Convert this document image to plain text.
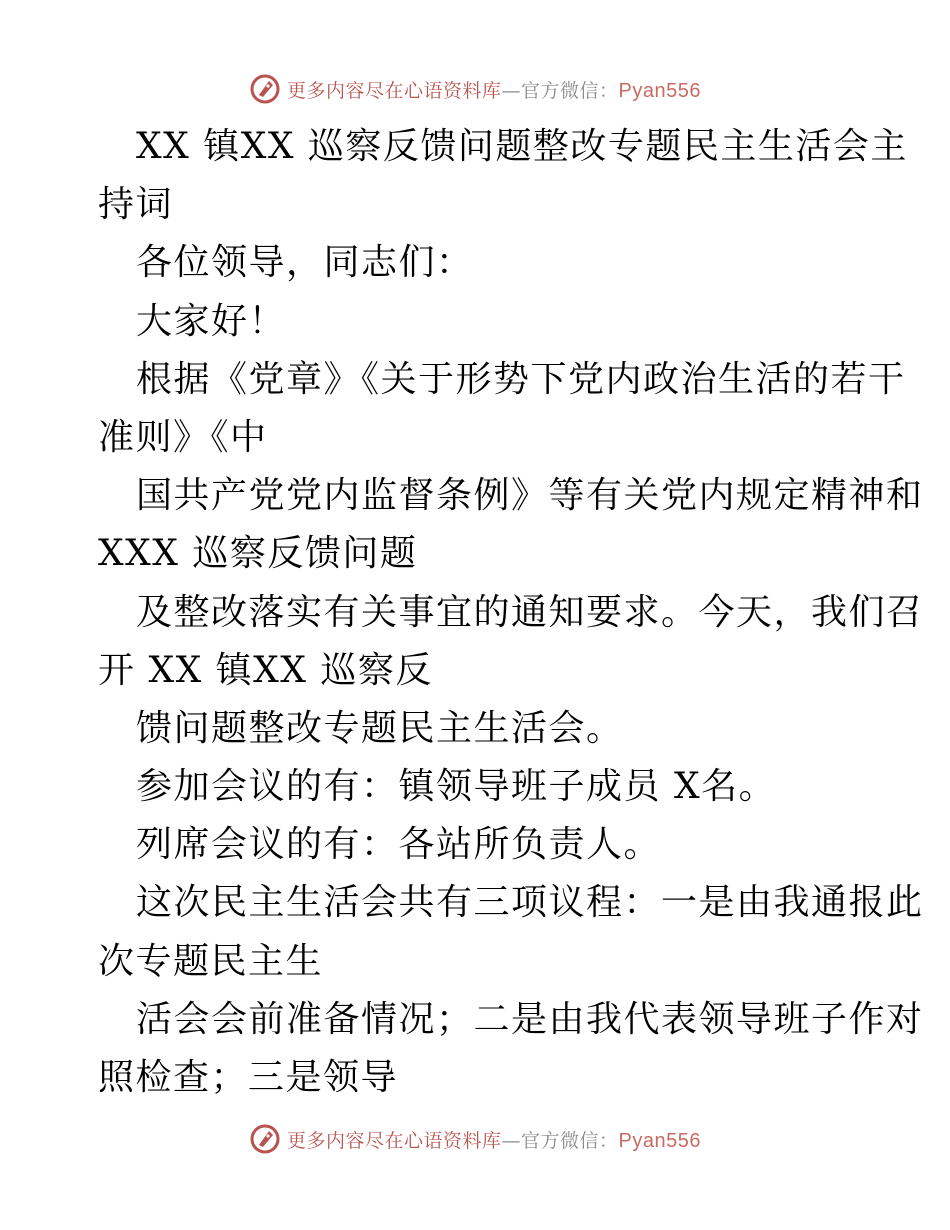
更多内容尽在心语资料库—官方微信：Pyan556
XX 镇XX 巡察反馈问题整改专题民主生活会主
持词
各位领导，同志们：
大家好！
根据《党章》《关于形势下党内政治生活的若干
准则》《中
国共产党党内监督条例》等有关党内规定精神和
XXX 巡察反馈问题
及整改落实有关事宜的通知要求。今天，我们召
开 XX 镇XX 巡察反
馈问题整改专题民主生活会。
参加会议的有：镇领导班子成员 X名。
列席会议的有：各站所负责人。
这次民主生活会共有三项议程：一是由我通报此
次专题民主生
活会会前准备情况；二是由我代表领导班子作对
照检查；三是领导
更多内容尽在心语资料库—官方微信：Pyan556
